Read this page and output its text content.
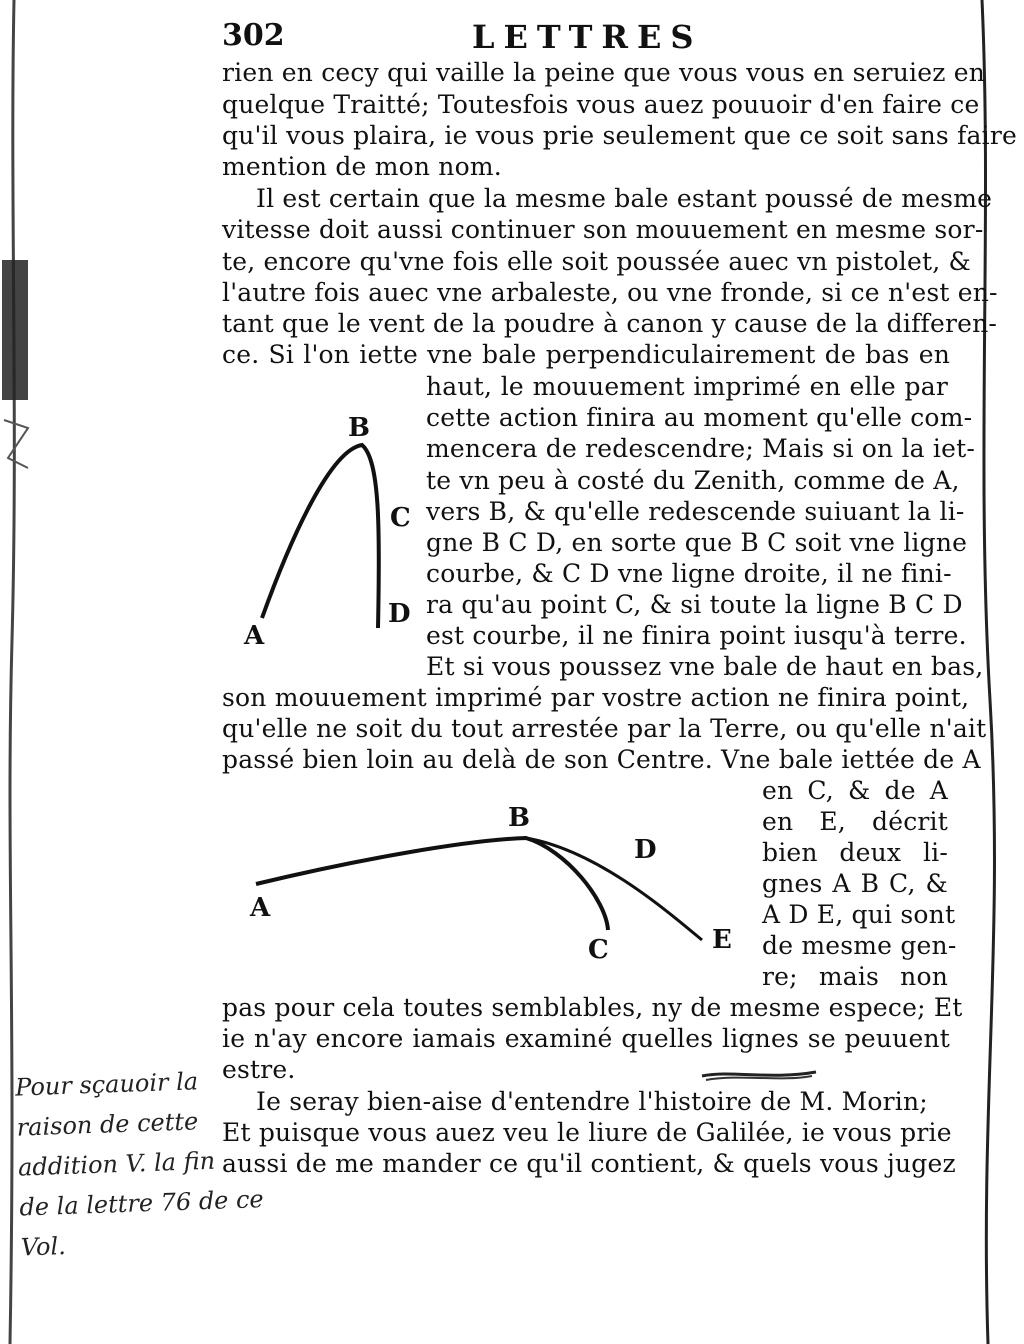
302	LETTRES
rien en cecy qui vaille la peine que vous vous en seruiez en
quelque Traitté; Toutesfois vous auez pouuoir d'en faire ce
qu'il vous plaira, ie vous prie seulement que ce soit sans faire
mention de mon nom.
Il est certain que la mesme bale estant poussé de mesme
vitesse doit aussi continuer son mouuement en mesme sor-
te, encore qu'vne fois elle soit poussée auec vn pistolet, &
l'autre fois auec vne arbaleste, ou vne fronde, si ce n'est en-
tant que le vent de la poudre à canon y cause de la differen-
ce. Si l'on iette vne bale perpendiculairement de bas en
haut, le mouuement imprimé en elle par
cette action finira au moment qu'elle com-
mencera de redescendre; Mais si on la iet-
te vn peu à costé du Zenith, comme de A,
vers B, & qu'elle redescende suiuant la li-
gne B C D, en sorte que B C soit vne ligne
courbe, & C D vne ligne droite, il ne fini-
ra qu'au point C, & si toute la ligne B C D
est courbe, il ne finira point iusqu'à terre.
Et si vous poussez vne bale de haut en bas,
A
B
C
D
son mouuement imprimé par vostre action ne finira point,
qu'elle ne soit du tout arrestée par la Terre, ou qu'elle n'ait
passé bien loin au delà de son Centre. Vne bale iettée de A
en C, & de A
en E, décrit
bien deux li-
gnes A B C, &
A D E, qui sont
de mesme gen-
re; mais non
A
B
C
D
E
pas pour cela toutes semblables, ny de mesme espece; Et
ie n'ay encore iamais examiné quelles lignes se peuuent
estre.
Ie seray bien-aise d'entendre l'histoire de M. Morin;
Et puisque vous auez veu le liure de Galilée, ie vous prie
aussi de me mander ce qu'il contient, & quels vous jugez
Pour sçauoir la
raison de cette
addition V. la fin
de la lettre 76 de ce
Vol.
